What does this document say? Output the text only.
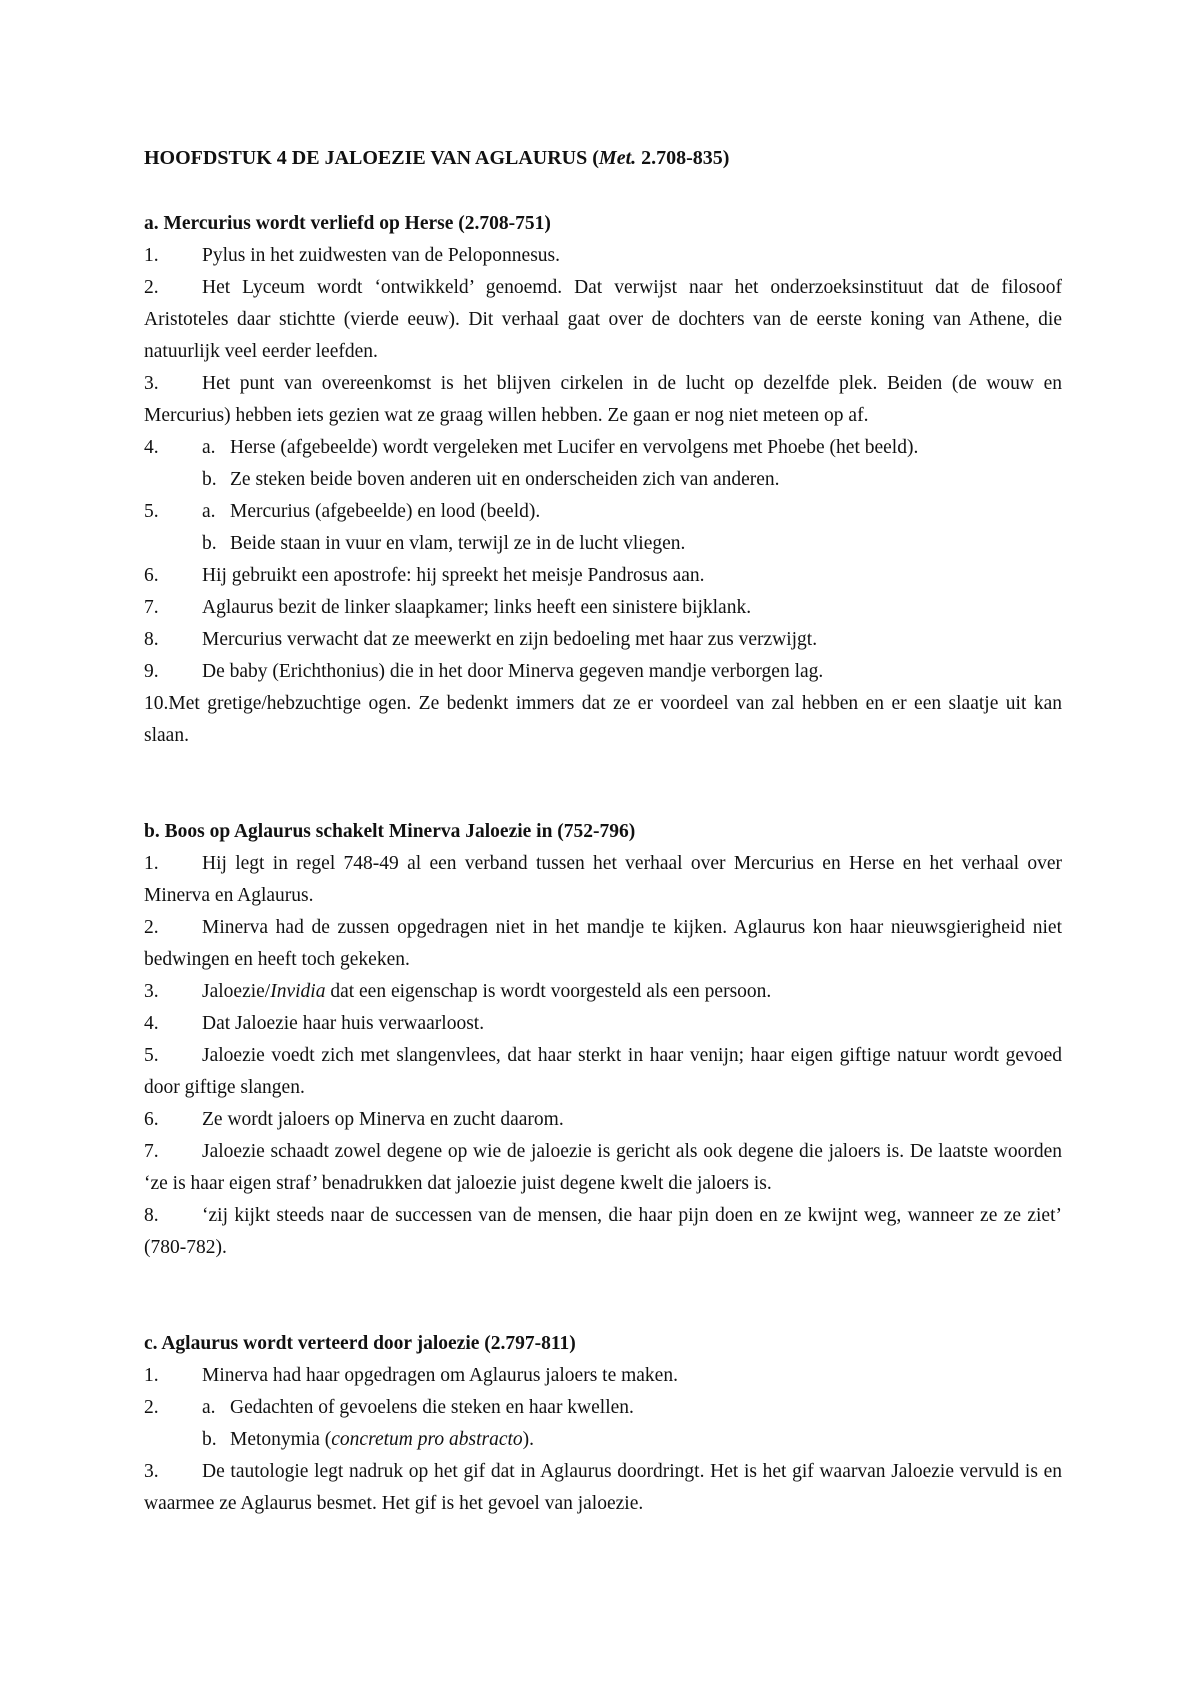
HOOFDSTUK 4 DE JALOEZIE VAN AGLAURUS (Met. 2.708-835)

a. Mercurius wordt verliefd op Herse (2.708-751)

1. Pylus in het zuidwesten van de Peloponnesus.

2. Het Lyceum wordt ‘ontwikkeld’ genoemd. Dat verwijst naar het onderzoeksinstituut dat de filosoof Aristoteles daar stichtte (vierde eeuw). Dit verhaal gaat over de dochters van de eerste koning van Athene, die natuurlijk veel eerder leefden.

3. Het punt van overeenkomst is het blijven cirkelen in de lucht op dezelfde plek. Beiden (de wouw en Mercurius) hebben iets gezien wat ze graag willen hebben. Ze gaan er nog niet meteen op af.

4.	a. Herse (afgebeelde) wordt vergeleken met Lucifer en vervolgens met Phoebe (het beeld).
b. Ze steken beide boven anderen uit en onderscheiden zich van anderen.
5.	a. Mercurius (afgebeelde) en lood (beeld).
b. Beide staan in vuur en vlam, terwijl ze in de lucht vliegen.

6. Hij gebruikt een apostrofe: hij spreekt het meisje Pandrosus aan.

7. Aglaurus bezit de linker slaapkamer; links heeft een sinistere bijklank.

8. Mercurius verwacht dat ze meewerkt en zijn bedoeling met haar zus verzwijgt.

9. De baby (Erichthonius) die in het door Minerva gegeven mandje verborgen lag.

10.Met gretige/hebzuchtige ogen. Ze bedenkt immers dat ze er voordeel van zal hebben en er een slaatje uit kan slaan.

b. Boos op Aglaurus schakelt Minerva Jaloezie in (752-796)

1. Hij legt in regel 748-49 al een verband tussen het verhaal over Mercurius en Herse en het verhaal over Minerva en Aglaurus.

2. Minerva had de zussen opgedragen niet in het mandje te kijken. Aglaurus kon haar nieuwsgierigheid niet bedwingen en heeft toch gekeken.

3. Jaloezie/Invidia dat een eigenschap is wordt voorgesteld als een persoon.

4. Dat Jaloezie haar huis verwaarloost.

5. Jaloezie voedt zich met slangenvlees, dat haar sterkt in haar venijn; haar eigen giftige natuur wordt gevoed door giftige slangen.

6. Ze wordt jaloers op Minerva en zucht daarom.

7. Jaloezie schaadt zowel degene op wie de jaloezie is gericht als ook degene die jaloers is. De laatste woorden ‘ze is haar eigen straf’ benadrukken dat jaloezie juist degene kwelt die jaloers is.

8. ‘zij kijkt steeds naar de successen van de mensen, die haar pijn doen en ze kwijnt weg, wanneer ze ze ziet’ (780-782).

c. Aglaurus wordt verteerd door jaloezie (2.797-811)

1. Minerva had haar opgedragen om Aglaurus jaloers te maken.

2.	a. Gedachten of gevoelens die steken en haar kwellen.
b. Metonymia (concretum pro abstracto).

3. De tautologie legt nadruk op het gif dat in Aglaurus doordringt. Het is het gif waarvan Jaloezie vervuld is en waarmee ze Aglaurus besmet. Het gif is het gevoel van jaloezie.
